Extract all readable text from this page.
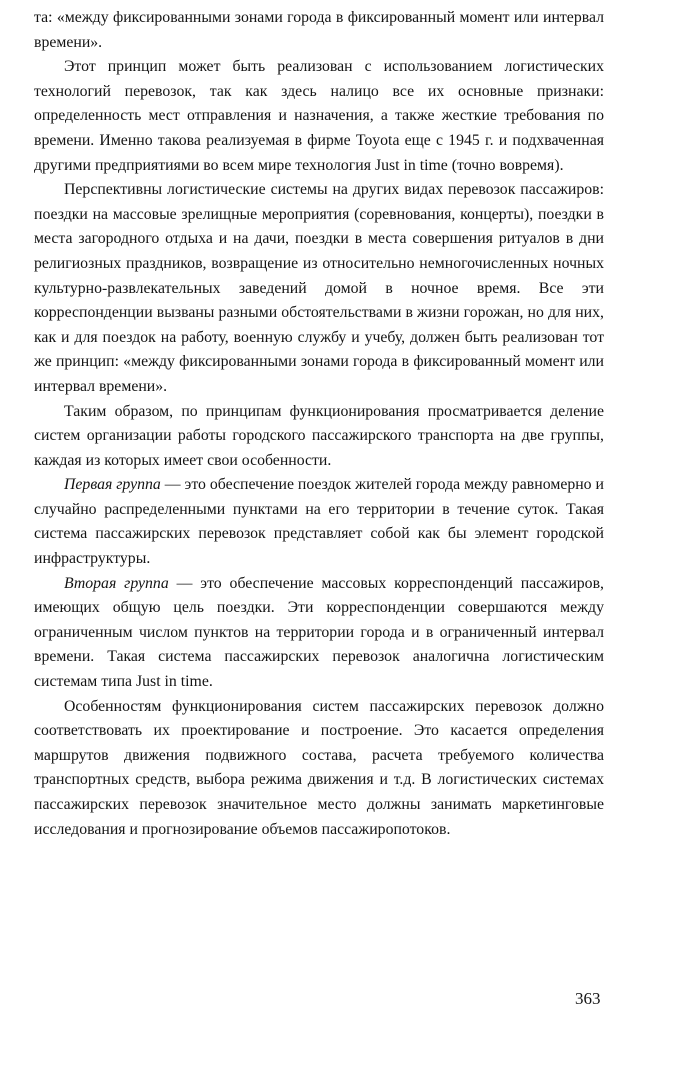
та: «между фиксированными зонами города в фиксированный момент или интервал времени».

Этот принцип может быть реализован с использованием логистических технологий перевозок, так как здесь налицо все их основные признаки: определенность мест отправления и назначения, а также жесткие требования по времени. Именно такова реализуемая в фирме Toyota еще с 1945 г. и подхваченная другими предприятиями во всем мире технология Just in time (точно вовремя).

Перспективны логистические системы на других видах перевозок пассажиров: поездки на массовые зрелищные мероприятия (соревнования, концерты), поездки в места загородного отдыха и на дачи, поездки в места совершения ритуалов в дни религиозных праздников, возвращение из относительно немногочисленных ночных культурно-развлекательных заведений домой в ночное время. Все эти корреспонденции вызваны разными обстоятельствами в жизни горожан, но для них, как и для поездок на работу, военную службу и учебу, должен быть реализован тот же принцип: «между фиксированными зонами города в фиксированный момент или интервал времени».

Таким образом, по принципам функционирования просматривается деление систем организации работы городского пассажирского транспорта на две группы, каждая из которых имеет свои особенности.

Первая группа — это обеспечение поездок жителей города между равномерно и случайно распределенными пунктами на его территории в течение суток. Такая система пассажирских перевозок представляет собой как бы элемент городской инфраструктуры.

Вторая группа — это обеспечение массовых корреспонденций пассажиров, имеющих общую цель поездки. Эти корреспонденции совершаются между ограниченным числом пунктов на территории города и в ограниченный интервал времени. Такая система пассажирских перевозок аналогична логистическим системам типа Just in time.

Особенностям функционирования систем пассажирских перевозок должно соответствовать их проектирование и построение. Это касается определения маршрутов движения подвижного состава, расчета требуемого количества транспортных средств, выбора режима движения и т.д. В логистических системах пассажирских перевозок значительное место должны занимать маркетинговые исследования и прогнозирование объемов пассажиропотоков.

363
